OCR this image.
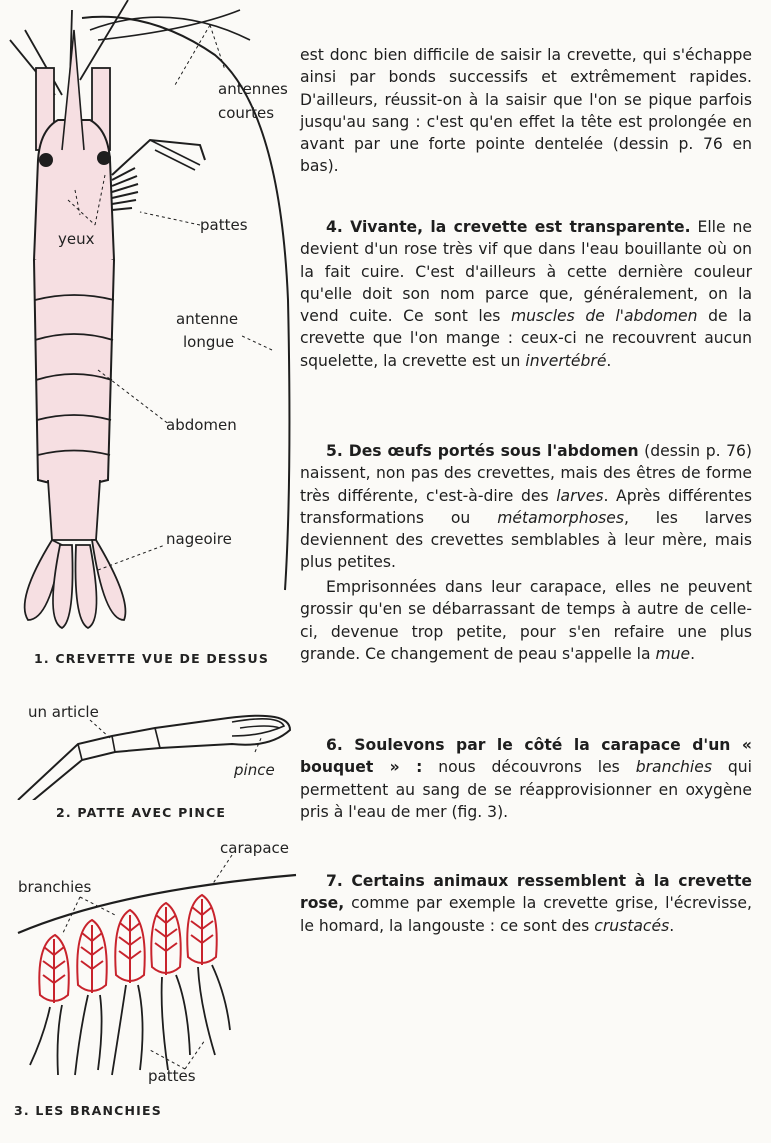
antennes
courtes
yeux
pattes
antenne
longue
abdomen
nageoire
1. CREVETTE VUE DE DESSUS
un article
pince
2. PATTE AVEC PINCE
carapace
branchies
pattes
3. LES BRANCHIES
est donc bien difficile de saisir la crevette, qui s'échappe ainsi par bonds successifs et extrêmement rapides. D'ailleurs, réussit-on à la saisir que l'on se pique parfois jusqu'au sang : c'est qu'en effet la tête est prolongée en avant par une forte pointe dentelée (dessin p. 76 en bas).
4. Vivante, la crevette est transparente. Elle ne devient d'un rose très vif que dans l'eau bouillante où on la fait cuire. C'est d'ailleurs à cette dernière couleur qu'elle doit son nom parce que, généralement, on la vend cuite. Ce sont les muscles de l'abdomen de la crevette que l'on mange : ceux-ci ne recouvrent aucun squelette, la crevette est un invertébré.
5. Des œufs portés sous l'abdomen (dessin p. 76) naissent, non pas des crevettes, mais des êtres de forme très différente, c'est-à-dire des larves. Après différentes transformations ou métamorphoses, les larves deviennent des crevettes semblables à leur mère, mais plus petites.
Emprisonnées dans leur carapace, elles ne peuvent grossir qu'en se débarrassant de temps à autre de celle-ci, devenue trop petite, pour s'en refaire une plus grande. Ce changement de peau s'appelle la mue.
6. Soulevons par le côté la carapace d'un « bouquet » : nous découvrons les branchies qui permettent au sang de se réapprovisionner en oxygène pris à l'eau de mer (fig. 3).
7. Certains animaux ressemblent à la crevette rose, comme par exemple la crevette grise, l'écrevisse, le homard, la langouste : ce sont des crustacés.
